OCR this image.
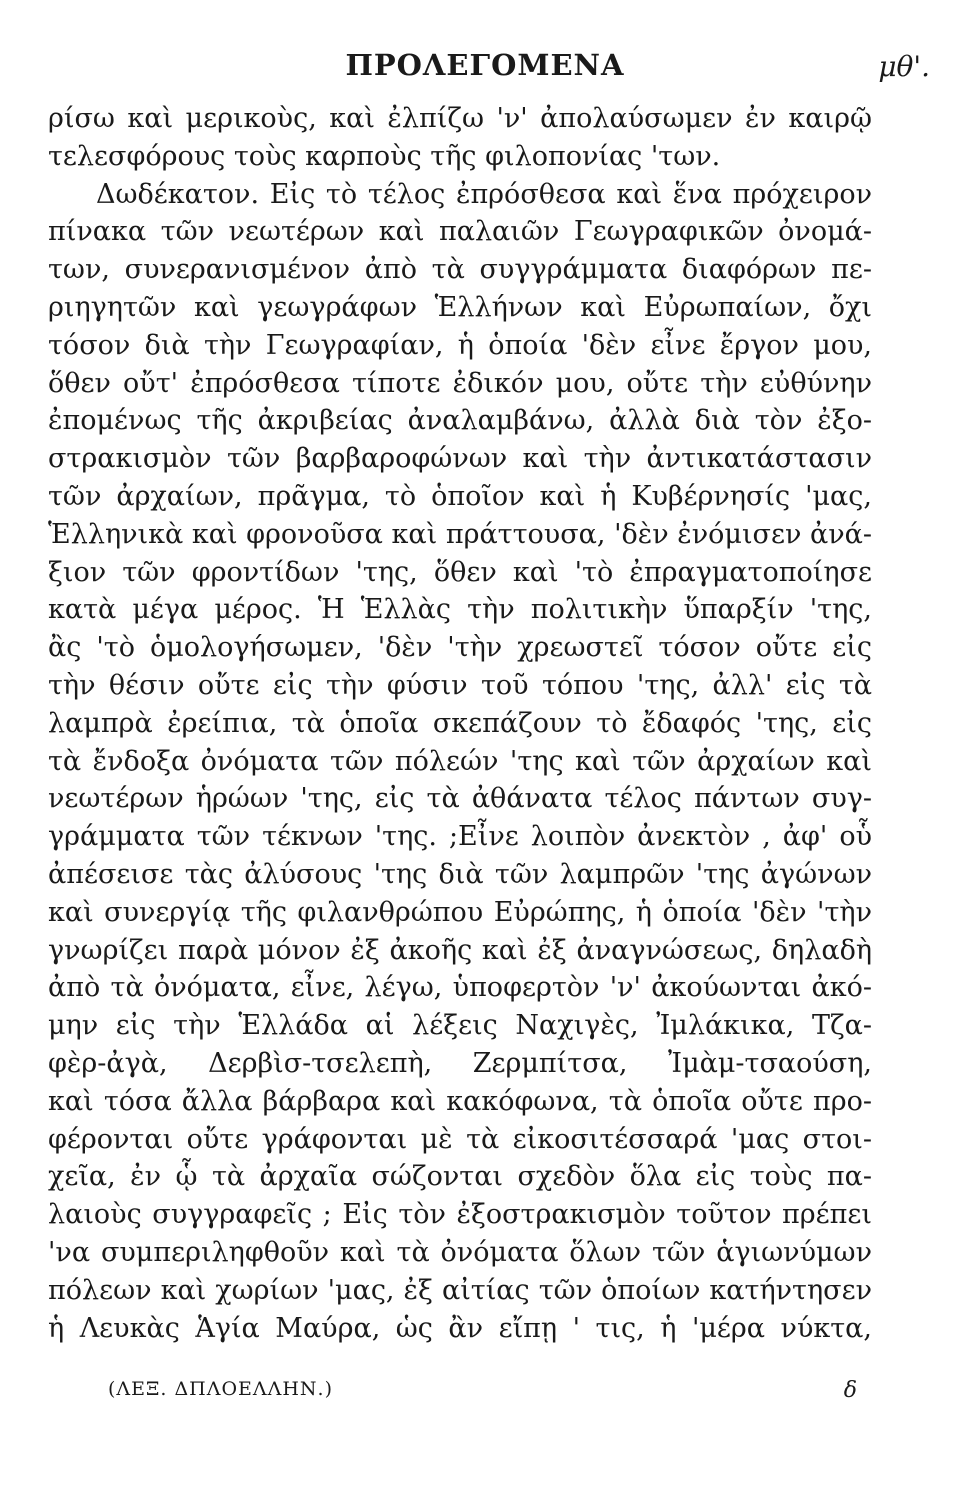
ΠΡΟΛΕΓΟΜΕΝΑ	μθ'.
ρίσω καὶ μερικοὺς, καὶ ἐλπίζω 'ν' ἀπολαύσωμεν ἐν καιρῷ
τελεσφόρους τοὺς καρποὺς τῆς φιλοπονίας 'των.
Δωδέκατον. Εἰς τὸ τέλος ἐπρόσθεσα καὶ ἕνα πρόχειρον
πίνακα τῶν νεωτέρων καὶ παλαιῶν Γεωγραφικῶν ὀνομά-
των, συνερανισμένον ἀπὸ τὰ συγγράμματα διαφόρων πε-
ριηγητῶν καὶ γεωγράφων Ἑλλήνων καὶ Εὐρωπαίων, ὄχι
τόσον διὰ τὴν Γεωγραφίαν, ἡ ὁποία 'δὲν εἶνε ἔργον μου,
ὅθεν οὔτ' ἐπρόσθεσα τίποτε ἐδικόν μου, οὔτε τὴν εὐθύνην
ἐπομένως τῆς ἀκριβείας ἀναλαμβάνω, ἀλλὰ διὰ τὸν ἐξο-
στρακισμὸν τῶν βαρβαροφώνων καὶ τὴν ἀντικατάστασιν
τῶν ἀρχαίων, πρᾶγμα, τὸ ὁποῖον καὶ ἡ Κυβέρνησίς 'μας,
Ἑλληνικὰ καὶ φρονοῦσα καὶ πράττουσα, 'δὲν ἐνόμισεν ἀνά-
ξιον τῶν φροντίδων 'της, ὅθεν καὶ 'τὸ ἐπραγματοποίησε
κατὰ μέγα μέρος. Ἡ Ἑλλὰς τὴν πολιτικὴν ὕπαρξίν 'της,
ἂς 'τὸ ὁμολογήσωμεν, 'δὲν 'τὴν χρεωστεῖ τόσον οὔτε εἰς
τὴν θέσιν οὔτε εἰς τὴν φύσιν τοῦ τόπου 'της, ἀλλ' εἰς τὰ
λαμπρὰ ἐρείπια, τὰ ὁποῖα σκεπάζουν τὸ ἔδαφός 'της, εἰς
τὰ ἔνδοξα ὀνόματα τῶν πόλεών 'της καὶ τῶν ἀρχαίων καὶ
νεωτέρων ἡρώων 'της, εἰς τὰ ἀθάνατα τέλος πάντων συγ-
γράμματα τῶν τέκνων 'της. ;Εἶνε λοιπὸν ἀνεκτὸν , ἀφ' οὗ
ἀπέσεισε τὰς ἀλύσους 'της διὰ τῶν λαμπρῶν 'της ἀγώνων
καὶ συνεργίᾳ τῆς φιλανθρώπου Εὐρώπης, ἡ ὁποία 'δὲν 'τὴν
γνωρίζει παρὰ μόνον ἐξ ἀκοῆς καὶ ἐξ ἀναγνώσεως, δηλαδὴ
ἀπὸ τὰ ὀνόματα, εἶνε, λέγω, ὑποφερτὸν 'ν' ἀκούωνται ἀκό-
μην εἰς τὴν Ἑλλάδα αἱ λέξεις Ναχιγὲς, Ἰμλάκικα, Τζα-
φὲρ-ἀγὰ, Δερβὶσ-τσελεπὴ, Ζερμπίτσα, Ἰμὰμ-τσαούση,
καὶ τόσα ἄλλα βάρβαρα καὶ κακόφωνα, τὰ ὁποῖα οὔτε προ-
φέρονται οὔτε γράφονται μὲ τὰ εἰκοσιτέσσαρά 'μας στοι-
χεῖα, ἐν ᾧ τὰ ἀρχαῖα σώζονται σχεδὸν ὅλα εἰς τοὺς πα-
λαιοὺς συγγραφεῖς ; Εἰς τὸν ἐξοστρακισμὸν τοῦτον πρέπει
'να συμπεριληφθοῦν καὶ τὰ ὀνόματα ὅλων τῶν ἁγιωνύμων
πόλεων καὶ χωρίων 'μας, ἐξ αἰτίας τῶν ὁποίων κατήντησεν
ἡ Λευκὰς Ἁγία Μαύρα, ὡς ἂν εἴπῃ ' τις, ἡ 'μέρα νύκτα,
(ΛΕΞ. ΔΠΛΟΕΛΛΗΝ.)	δ
